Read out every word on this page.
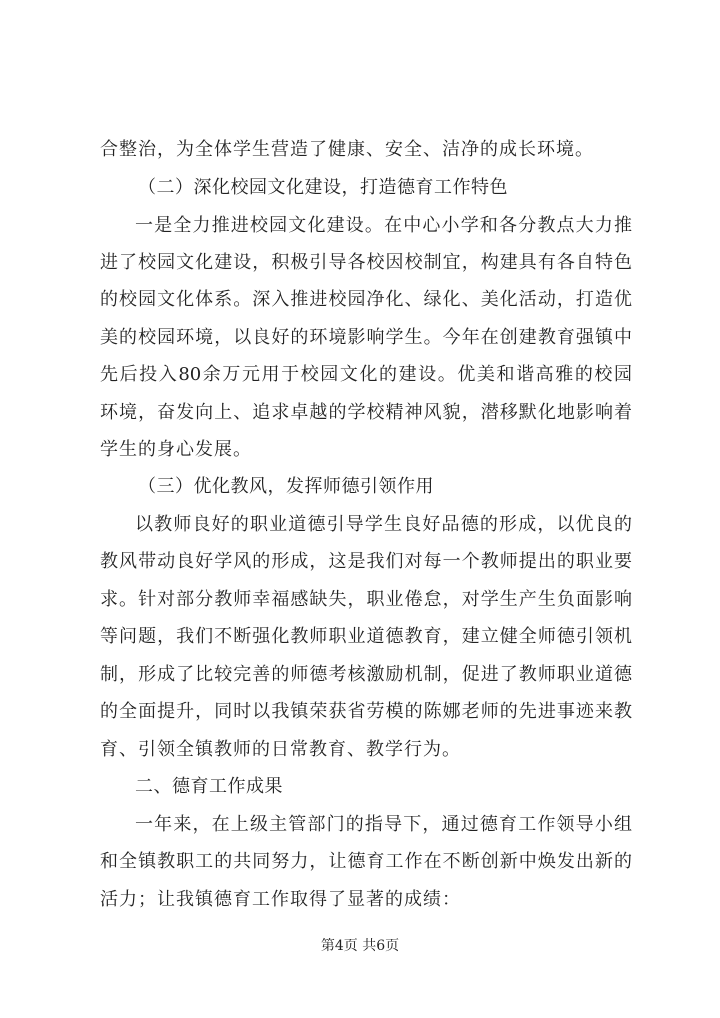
合整治，为全体学生营造了健康、安全、洁净的成长环境。
（二）深化校园文化建设，打造德育工作特色
一是全力推进校园文化建设。在中心小学和各分教点大力推
进了校园文化建设，积极引导各校因校制宜，构建具有各自特色
的校园文化体系。深入推进校园净化、绿化、美化活动，打造优
美的校园环境，以良好的环境影响学生。今年在创建教育强镇中
先后投入80余万元用于校园文化的建设。优美和谐高雅的校园
环境，奋发向上、追求卓越的学校精神风貌，潜移默化地影响着
学生的身心发展。
（三）优化教风，发挥师德引领作用
以教师良好的职业道德引导学生良好品德的形成，以优良的
教风带动良好学风的形成，这是我们对每一个教师提出的职业要
求。针对部分教师幸福感缺失，职业倦怠，对学生产生负面影响
等问题，我们不断强化教师职业道德教育，建立健全师德引领机
制，形成了比较完善的师德考核激励机制，促进了教师职业道德
的全面提升，同时以我镇荣获省劳模的陈娜老师的先进事迹来教
育、引领全镇教师的日常教育、教学行为。
二、德育工作成果
一年来，在上级主管部门的指导下，通过德育工作领导小组
和全镇教职工的共同努力，让德育工作在不断创新中焕发出新的
活力；让我镇德育工作取得了显著的成绩：
第4页 共6页
